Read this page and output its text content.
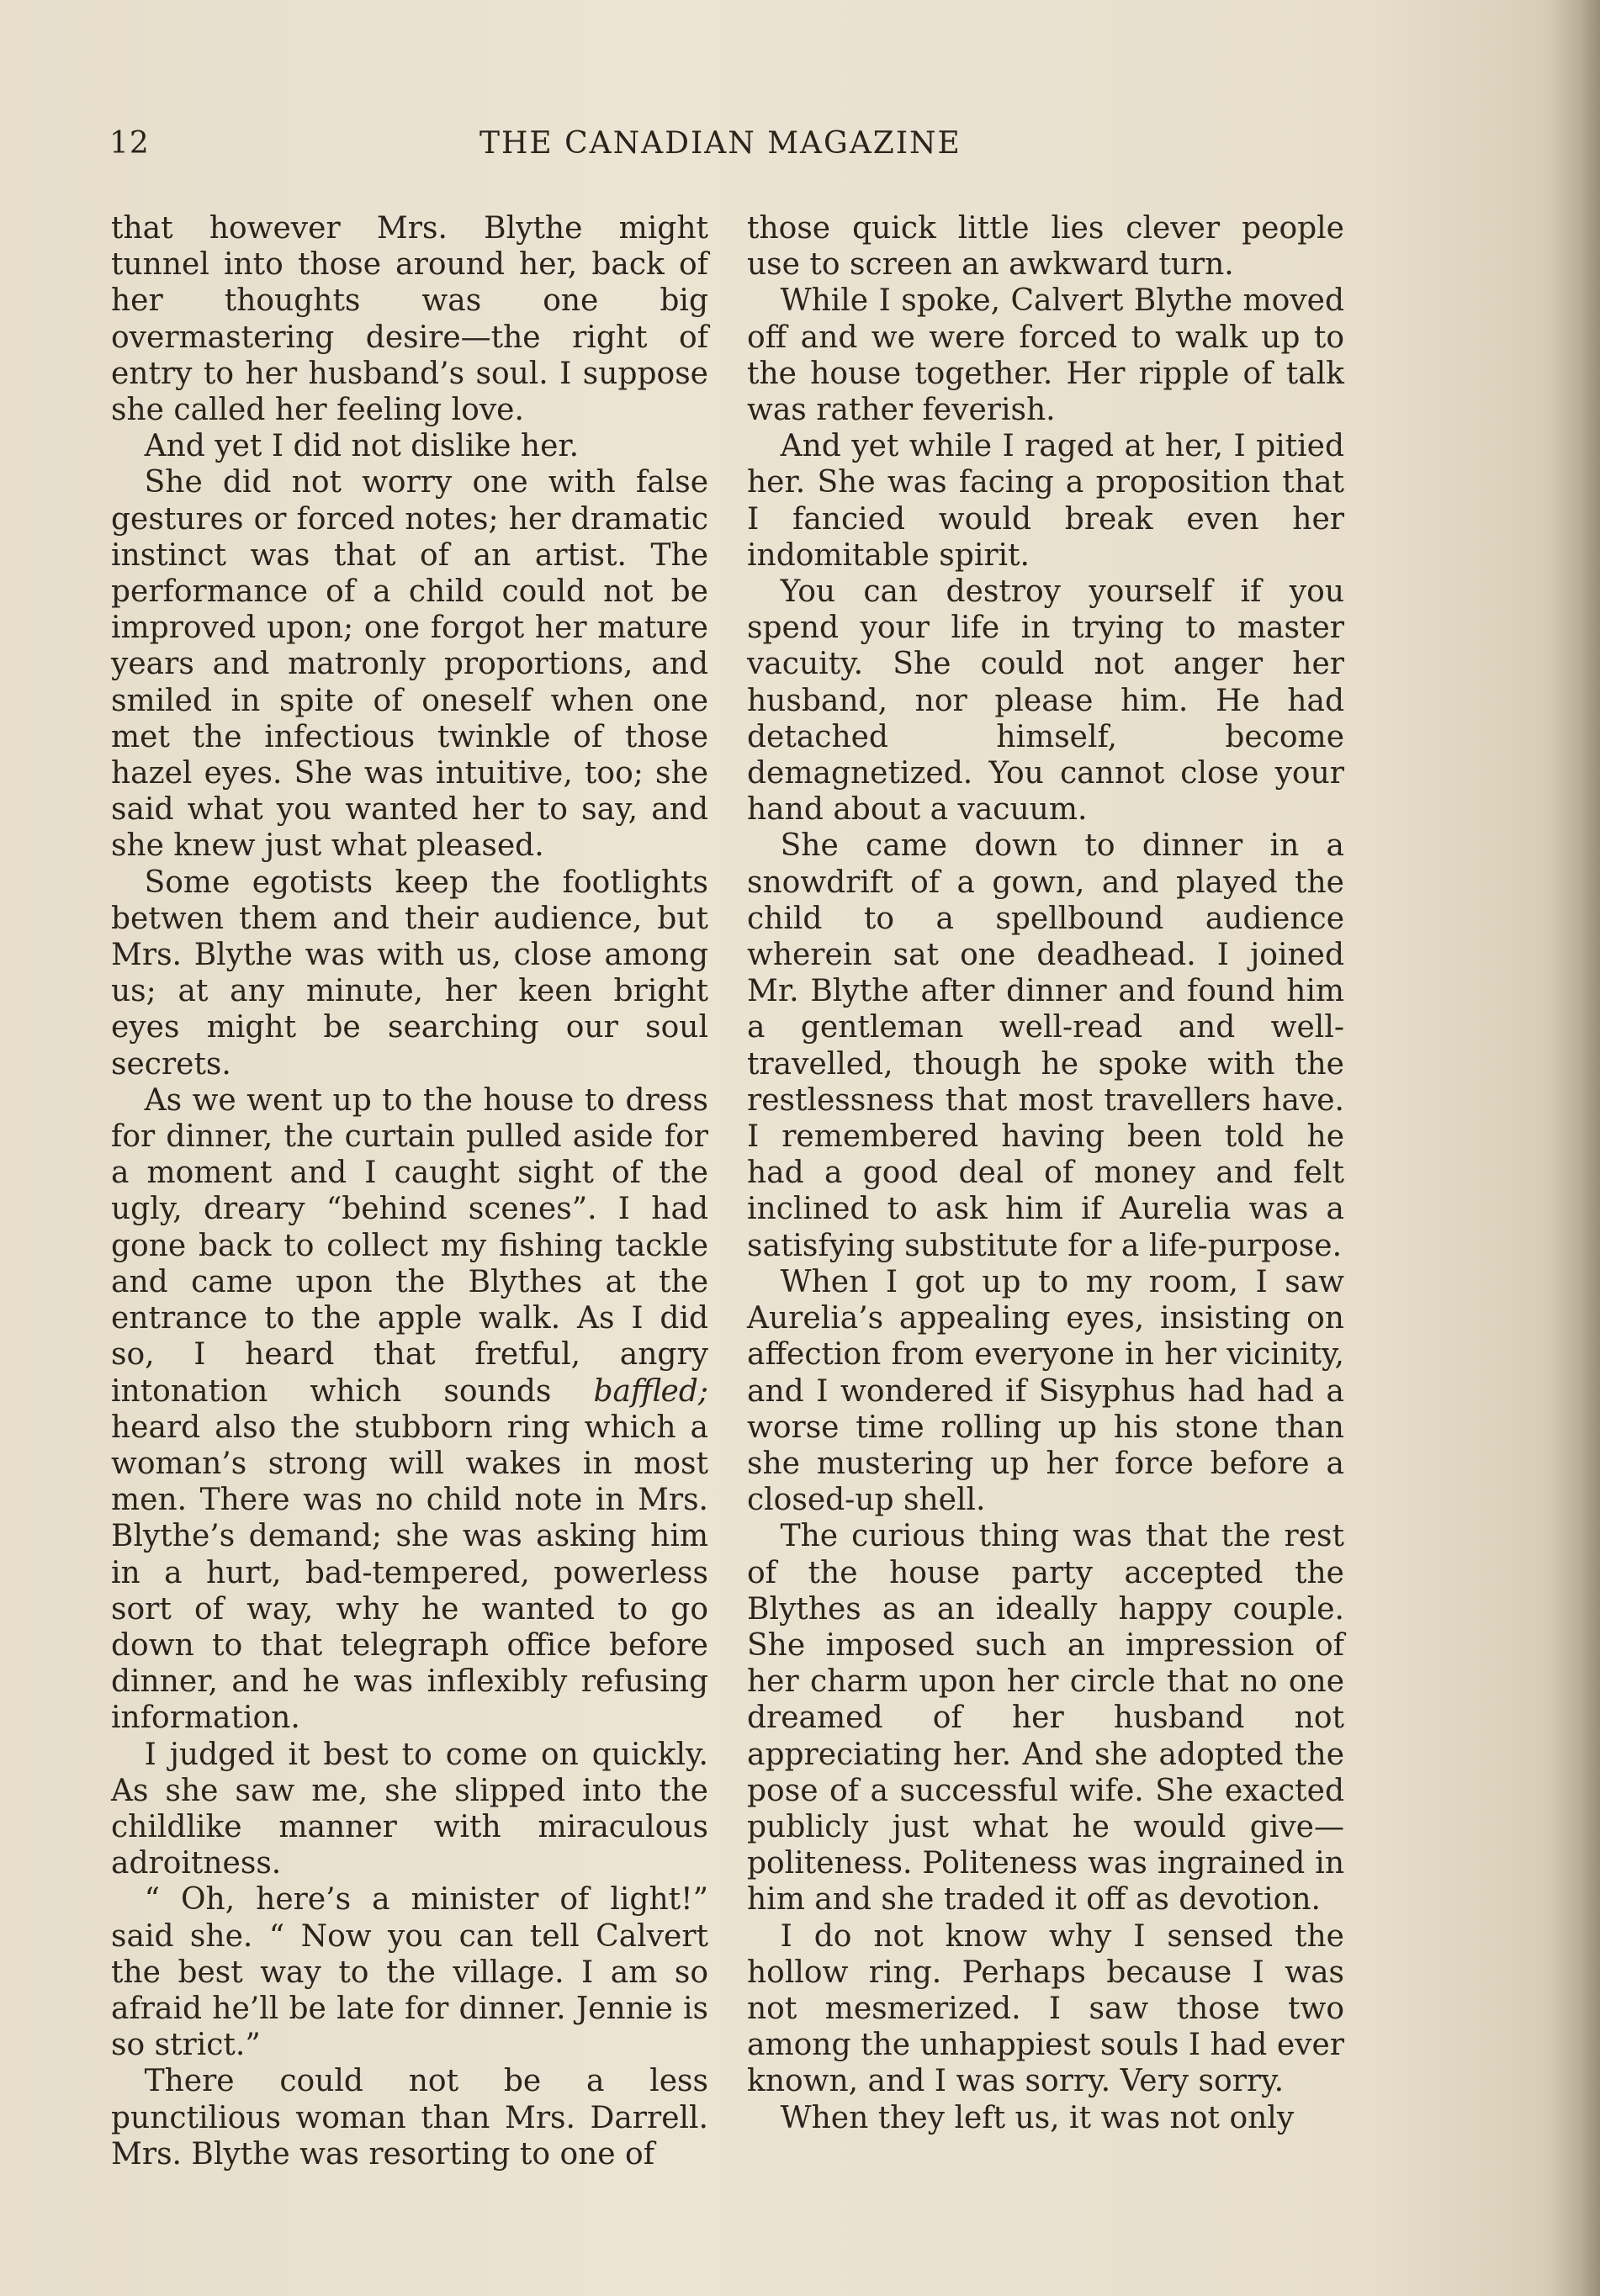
12	THE CANADIAN MAGAZINE

that however Mrs. Blythe might tunnel into those around her, back of her thoughts was one big overmastering desire—the right of entry to her husband’s soul. I suppose she called her feeling love.

And yet I did not dislike her.

She did not worry one with false gestures or forced notes; her dramatic instinct was that of an artist. The performance of a child could not be improved upon; one forgot her mature years and matronly proportions, and smiled in spite of oneself when one met the infectious twinkle of those hazel eyes. She was intuitive, too; she said what you wanted her to say, and she knew just what pleased.

Some egotists keep the footlights betwen them and their audience, but Mrs. Blythe was with us, close among us; at any minute, her keen bright eyes might be searching our soul secrets.

As we went up to the house to dress for dinner, the curtain pulled aside for a moment and I caught sight of the ugly, dreary “behind scenes”. I had gone back to collect my fishing tackle and came upon the Blythes at the entrance to the apple walk. As I did so, I heard that fretful, angry intonation which sounds baffled; heard also the stubborn ring which a woman’s strong will wakes in most men. There was no child note in Mrs. Blythe’s demand; she was asking him in a hurt, bad-tempered, powerless sort of way, why he wanted to go down to that telegraph office before dinner, and he was inflexibly refusing information.

I judged it best to come on quickly. As she saw me, she slipped into the childlike manner with miraculous adroitness.

“ Oh, here’s a minister of light!” said she. “ Now you can tell Calvert the best way to the village. I am so afraid he’ll be late for dinner. Jennie is so strict.”

There could not be a less punctilious woman than Mrs. Darrell. Mrs. Blythe was resorting to one of

those quick little lies clever people use to screen an awkward turn.

While I spoke, Calvert Blythe moved off and we were forced to walk up to the house together. Her ripple of talk was rather feverish.

And yet while I raged at her, I pitied her. She was facing a proposition that I fancied would break even her indomitable spirit.

You can destroy yourself if you spend your life in trying to master vacuity. She could not anger her husband, nor please him. He had detached himself, become demagnetized. You cannot close your hand about a vacuum.

She came down to dinner in a snowdrift of a gown, and played the child to a spellbound audience wherein sat one deadhead. I joined Mr. Blythe after dinner and found him a gentleman well-read and well-travelled, though he spoke with the restlessness that most travellers have. I remembered having been told he had a good deal of money and felt inclined to ask him if Aurelia was a satisfying substitute for a life-purpose.

When I got up to my room, I saw Aurelia’s appealing eyes, insisting on affection from everyone in her vicinity, and I wondered if Sisyphus had had a worse time rolling up his stone than she mustering up her force before a closed-up shell.

The curious thing was that the rest of the house party accepted the Blythes as an ideally happy couple. She imposed such an impression of her charm upon her circle that no one dreamed of her husband not appreciating her. And she adopted the pose of a successful wife. She exacted publicly just what he would give—politeness. Politeness was ingrained in him and she traded it off as devotion.

I do not know why I sensed the hollow ring. Perhaps because I was not mesmerized. I saw those two among the unhappiest souls I had ever known, and I was sorry. Very sorry.

When they left us, it was not only
